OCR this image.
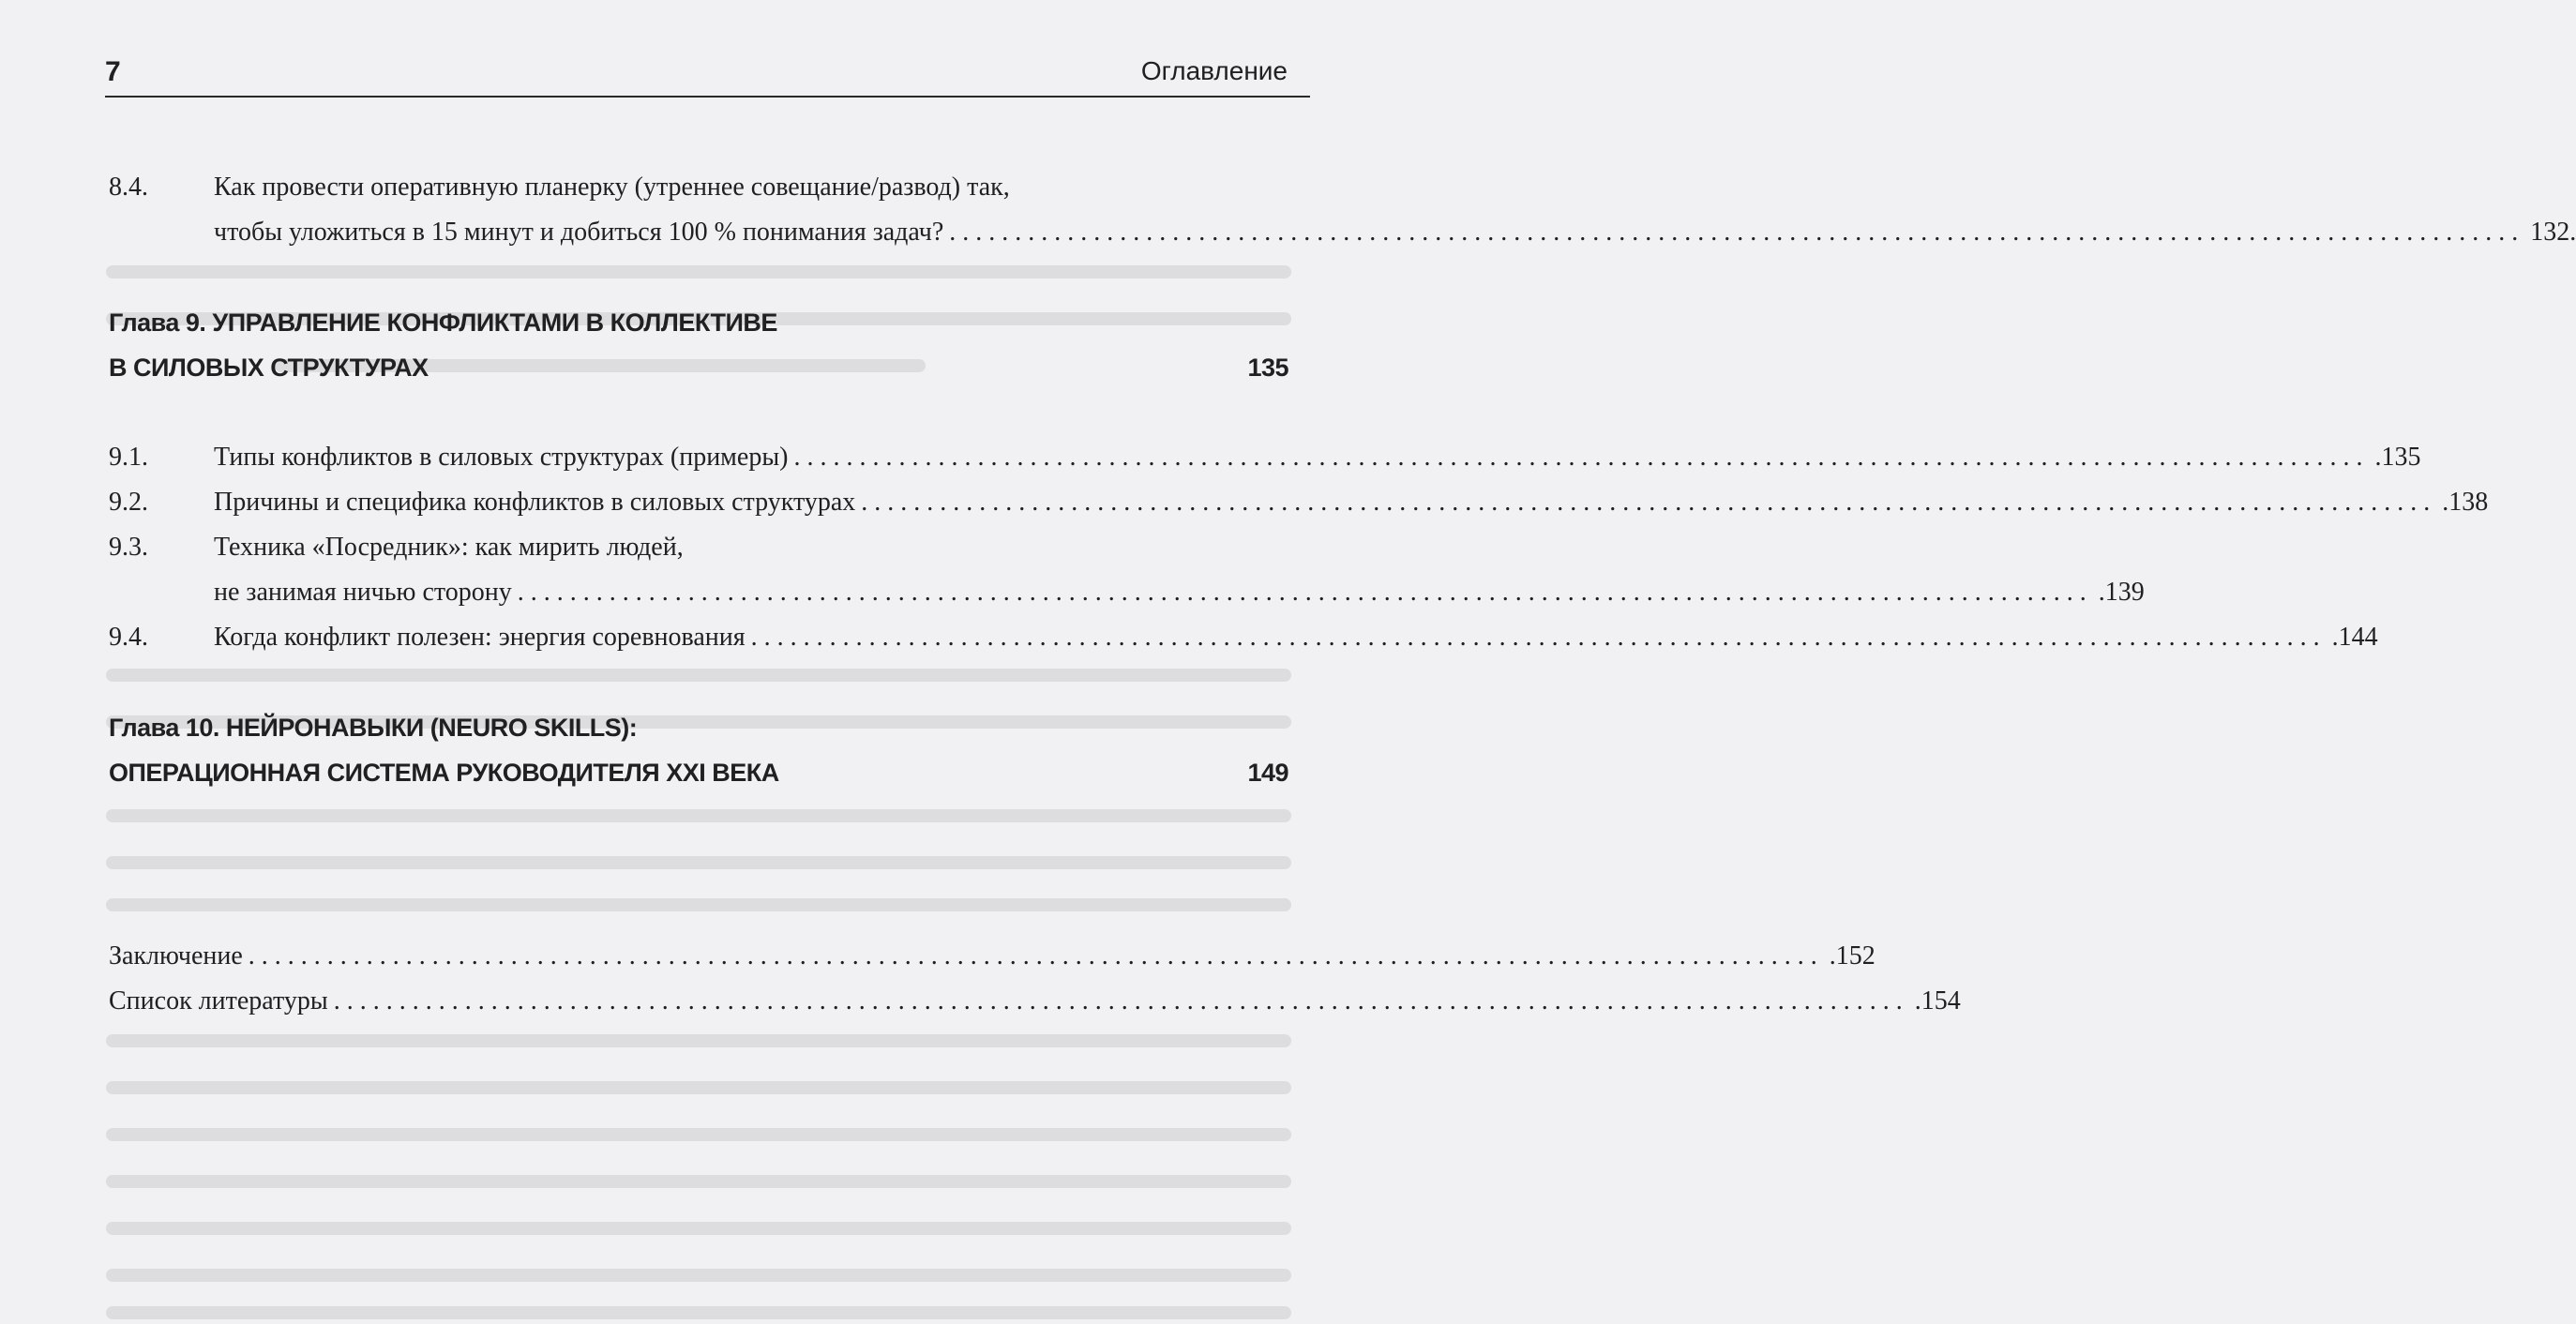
7	Оглавление
8.4.	Как провести оперативную планерку (утреннее совещание/развод) так,
чтобы уложиться в 15 минут и добиться 100 % понимания задач? ........................................................................................................................ 132.
Глава 9. УПРАВЛЕНИЕ КОНФЛИКТАМИ В КОЛЛЕКТИВЕ
В СИЛОВЫХ СТРУКТУРАХ	135
9.1.	Типы конфликтов в силовых структурах (примеры) ........................................................................................................................ .135
9.2.	Причины и специфика конфликтов в силовых структурах ........................................................................................................................ .138
9.3.	Техника «Посредник»: как мирить людей,
не занимая ничью сторону ........................................................................................................................ .139
9.4.	Когда конфликт полезен: энергия соревнования ........................................................................................................................ .144
Глава 10. НЕЙРОНАВЫКИ (NEURO SKILLS):
ОПЕРАЦИОННАЯ СИСТЕМА РУКОВОДИТЕЛЯ XXI ВЕКА	149
Заключение ........................................................................................................................ .152
Список литературы ........................................................................................................................ .154
